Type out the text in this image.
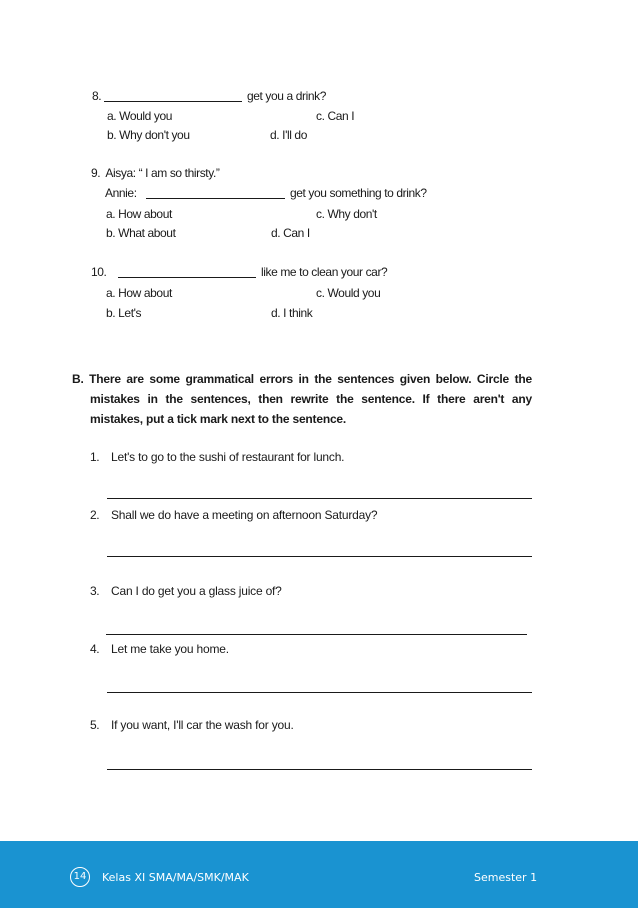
8.	get you a drink?
a. Would you	c. Can I
b. Why don't you	d. I'll do
9.  Aisya: “ I am so thirsty.”
Annie:	get you something to drink?
a. How about	c. Why don't
b. What about	d. Can I
10.	like me to clean your car?
a. How about	c. Would you
b. Let's	d. I think
B. There are some grammatical errors in the sentences given below. Circle the
mistakes in the sentences, then rewrite the sentence. If there aren't any
mistakes, put a tick mark next to the sentence.
1. Let's to go to the sushi of restaurant for lunch.
2. Shall we do have a meeting on afternoon Saturday?
3. Can I do get you a glass juice of?
4. Let me take you home.
5. If you want, I'll car the wash for you.
14	Kelas XI SMA/MA/SMK/MAK	Semester 1
